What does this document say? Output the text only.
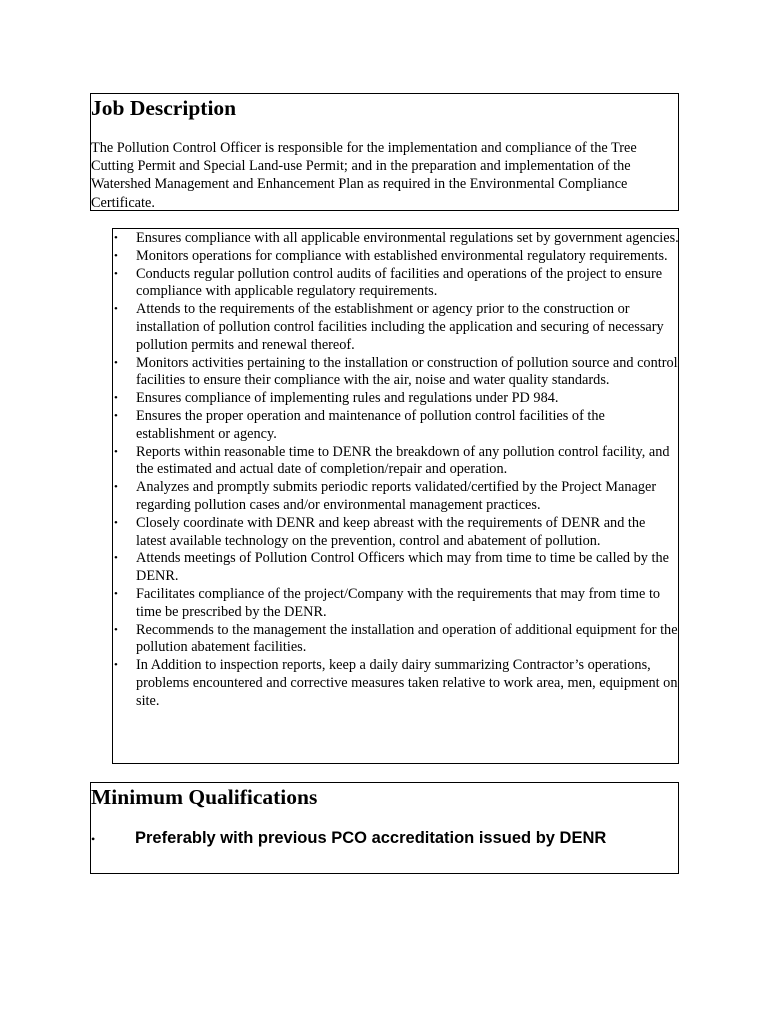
Job Description

The Pollution Control Officer is responsible for the implementation and compliance of the Tree Cutting Permit and Special Land-use Permit; and in the preparation and implementation of the Watershed Management and Enhancement Plan as required in the Environmental Compliance Certificate.

• Ensures compliance with all applicable environmental regulations set by government agencies.
• Monitors operations for compliance with established environmental regulatory requirements.
• Conducts regular pollution control audits of facilities and operations of the project to ensure compliance with applicable regulatory requirements.
• Attends to the requirements of the establishment or agency prior to the construction or installation of pollution control facilities including the application and securing of necessary pollution permits and renewal thereof.
• Monitors activities pertaining to the installation or construction of pollution source and control facilities to ensure their compliance with the air, noise and water quality standards.
• Ensures compliance of implementing rules and regulations under PD 984.
• Ensures the proper operation and maintenance of pollution control facilities of the establishment or agency.
• Reports within reasonable time to DENR the breakdown of any pollution control facility, and the estimated and actual date of completion/repair and operation.
• Analyzes and promptly submits periodic reports validated/certified by the Project Manager regarding pollution cases and/or environmental management practices.
• Closely coordinate with DENR and keep abreast with the requirements of DENR and the latest available technology on the prevention, control and abatement of pollution.
• Attends meetings of Pollution Control Officers which may from time to time be called by the DENR.
• Facilitates compliance of the project/Company with the requirements that may from time to time be prescribed by the DENR.
• Recommends to the management the installation and operation of additional equipment for the pollution abatement facilities.
• In Addition to inspection reports, keep a daily dairy summarizing Contractor’s operations, problems encountered and corrective measures taken relative to work area, men, equipment on site.
Minimum Qualifications

• Preferably with previous PCO accreditation issued by DENR
